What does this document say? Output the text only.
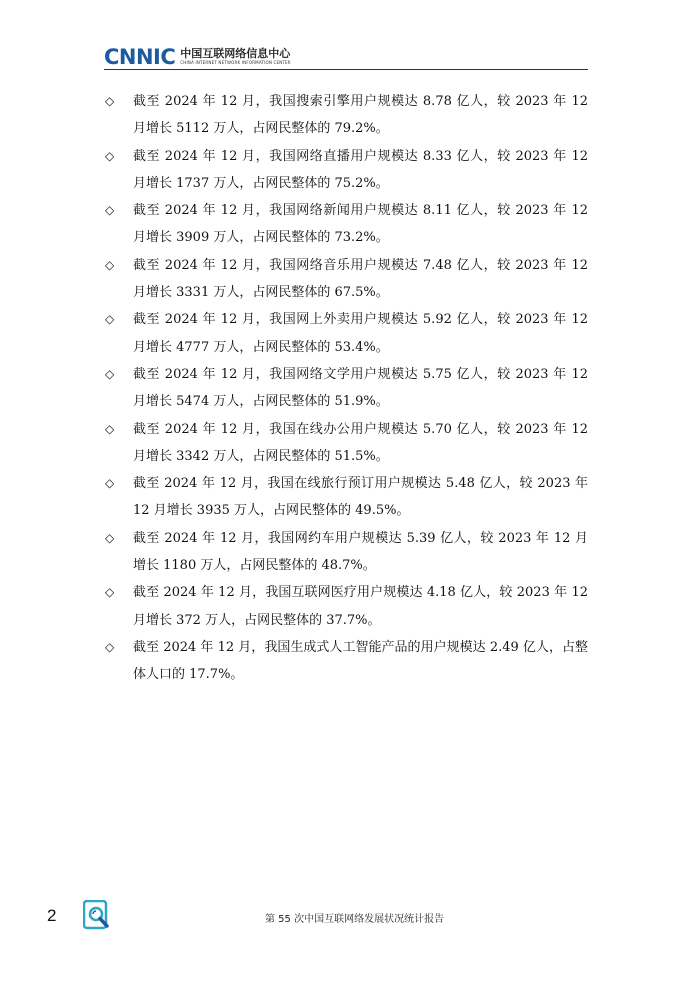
CNNIC 中国互联网络信息中心
CHINA INTERNET NETWORK INFORMATION CENTER
◇ 截至 2024 年 12 月，我国搜索引擎用户规模达 8.78 亿人，较 2023 年 12 月增长 5112 万人，占网民整体的 79.2%。
◇ 截至 2024 年 12 月，我国网络直播用户规模达 8.33 亿人，较 2023 年 12 月增长 1737 万人，占网民整体的 75.2%。
◇ 截至 2024 年 12 月，我国网络新闻用户规模达 8.11 亿人，较 2023 年 12 月增长 3909 万人，占网民整体的 73.2%。
◇ 截至 2024 年 12 月，我国网络音乐用户规模达 7.48 亿人，较 2023 年 12 月增长 3331 万人，占网民整体的 67.5%。
◇ 截至 2024 年 12 月，我国网上外卖用户规模达 5.92 亿人，较 2023 年 12 月增长 4777 万人，占网民整体的 53.4%。
◇ 截至 2024 年 12 月，我国网络文学用户规模达 5.75 亿人，较 2023 年 12 月增长 5474 万人，占网民整体的 51.9%。
◇ 截至 2024 年 12 月，我国在线办公用户规模达 5.70 亿人，较 2023 年 12 月增长 3342 万人，占网民整体的 51.5%。
◇ 截至 2024 年 12 月，我国在线旅行预订用户规模达 5.48 亿人，较 2023 年 12 月增长 3935 万人，占网民整体的 49.5%。
◇ 截至 2024 年 12 月，我国网约车用户规模达 5.39 亿人，较 2023 年 12 月增长 1180 万人，占网民整体的 48.7%。
◇ 截至 2024 年 12 月，我国互联网医疗用户规模达 4.18 亿人，较 2023 年 12 月增长 372 万人，占网民整体的 37.7%。
◇ 截至 2024 年 12 月，我国生成式人工智能产品的用户规模达 2.49 亿人，占整体人口的 17.7%。
2	第 55 次中国互联网络发展状况统计报告
